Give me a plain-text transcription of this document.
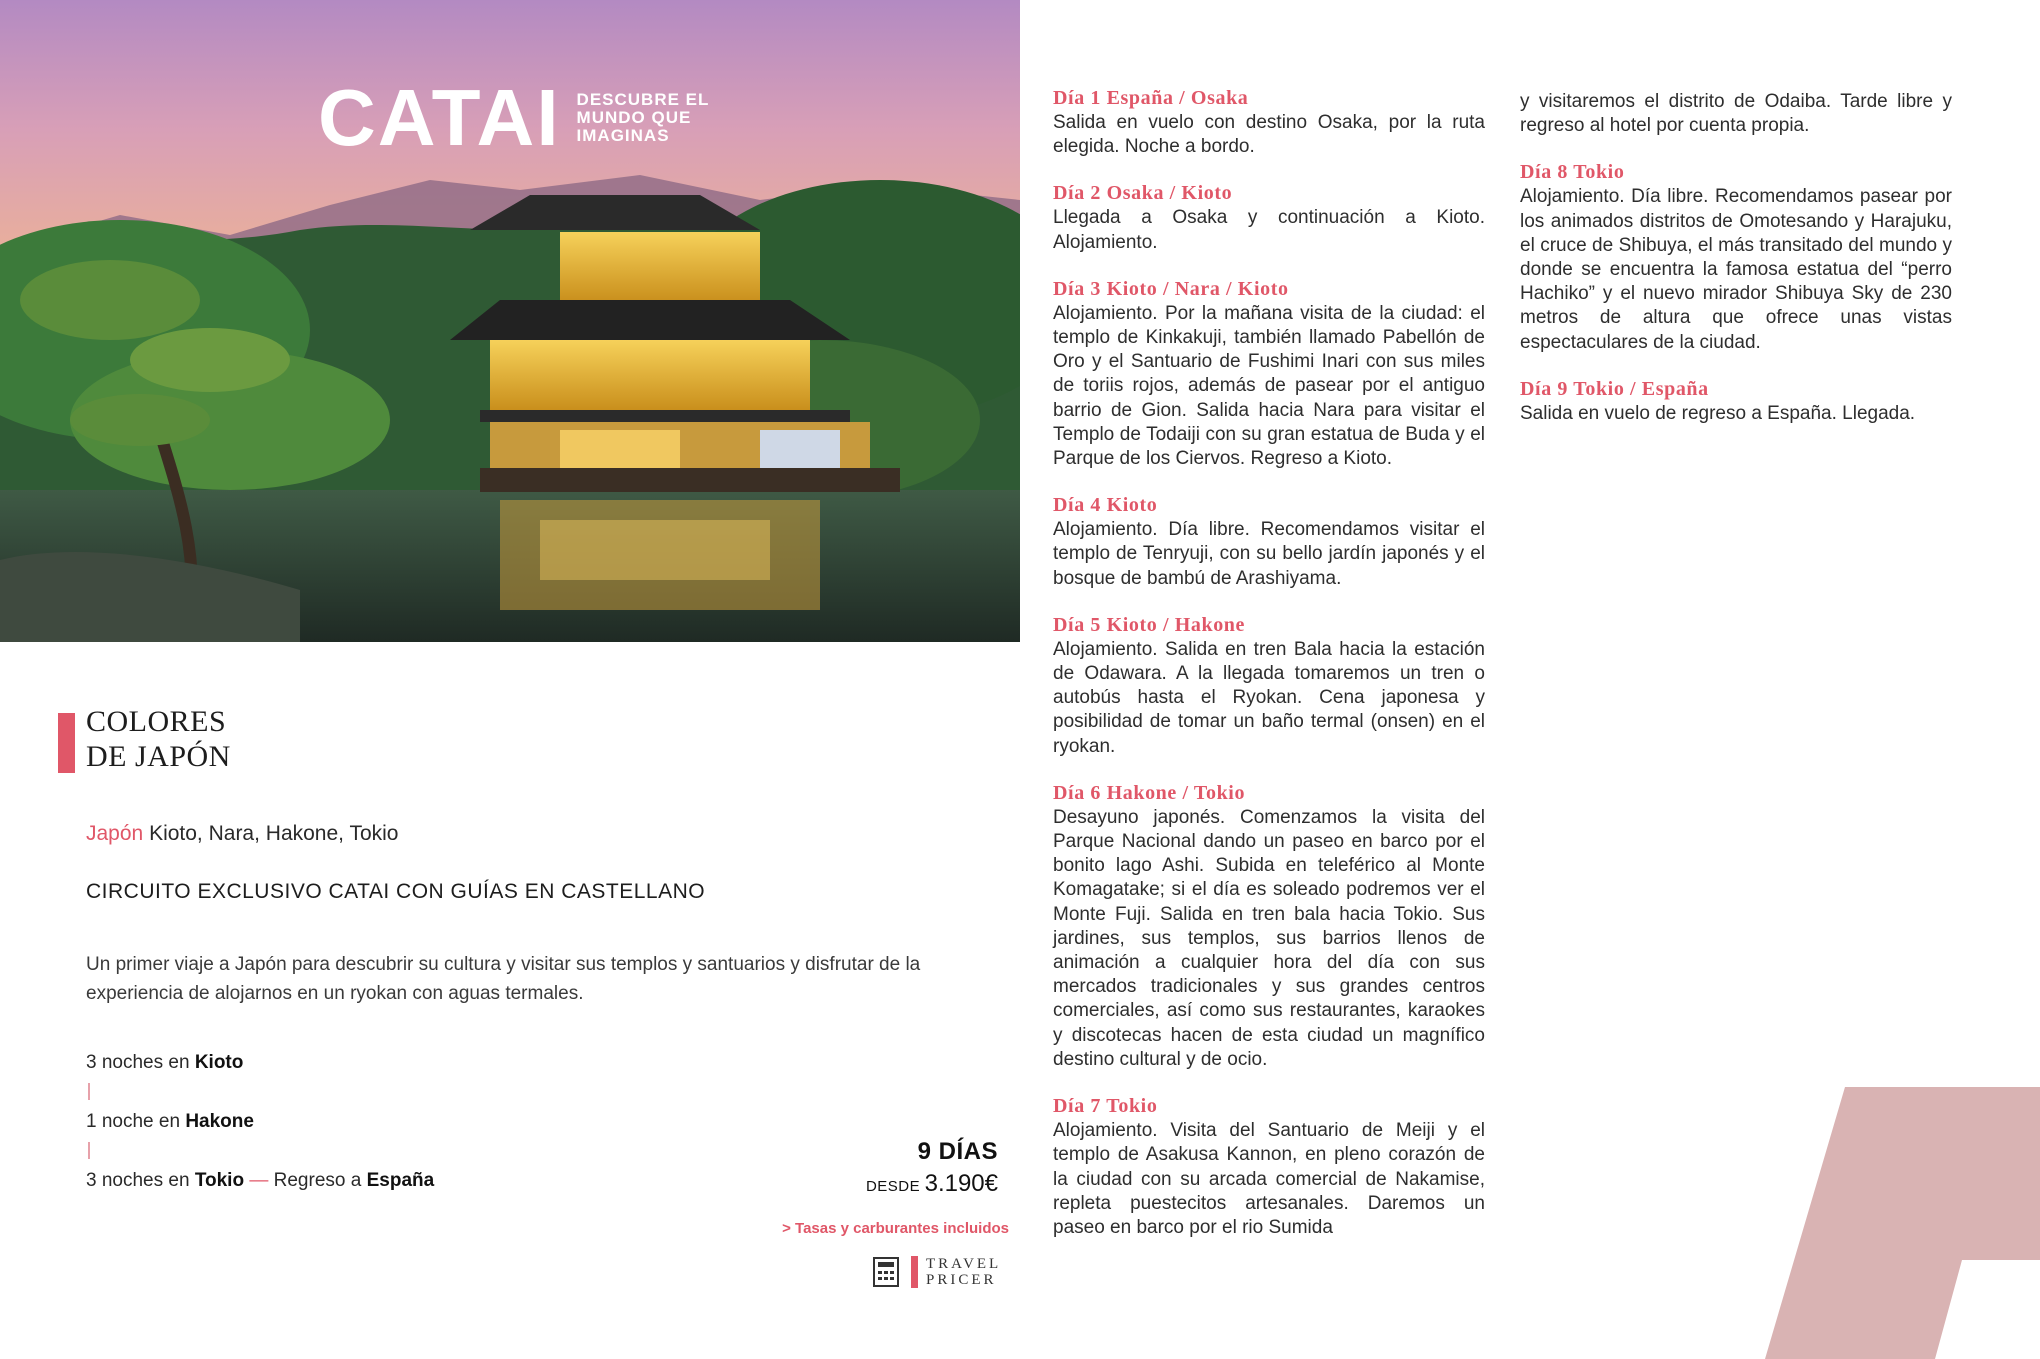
CATAI DESCUBRE EL
MUNDO QUE
IMAGINAS
COLORES
DE JAPÓN
Japón Kioto, Nara, Hakone, Tokio
CIRCUITO EXCLUSIVO CATAI CON GUÍAS EN CASTELLANO
Un primer viaje a Japón para descubrir su cultura y visitar sus templos y santuarios y disfrutar de la experiencia de alojarnos en un ryokan con aguas termales.
3 noches en Kioto
1 noche en Hakone
3 noches en Tokio — Regreso a España
9 DÍAS
DESDE 3.190€
> Tasas y carburantes incluidos
TRAVEL
PRICER
Día 1 España / Osaka
Salida en vuelo con destino Osaka, por la ruta elegida. Noche a bordo.
Día 2 Osaka / Kioto
Llegada a Osaka y continuación a Kioto. Alojamiento.
Día 3 Kioto / Nara / Kioto
Alojamiento. Por la mañana visita de la ciudad: el templo de Kinkakuji, también llamado Pabellón de Oro y el Santuario de Fushimi Inari con sus miles de toriis rojos, además de pasear por el antiguo barrio de Gion. Salida hacia Nara para visitar el Templo de Todaiji con su gran estatua de Buda y el Parque de los Ciervos. Regreso a Kioto.
Día 4 Kioto
Alojamiento. Día libre. Recomendamos visitar el templo de Tenryuji, con su bello jardín japonés y el bosque de bambú de Arashiyama.
Día 5 Kioto / Hakone
Alojamiento. Salida en tren Bala hacia la estación de Odawara. A la llegada tomaremos un tren o autobús hasta el Ryokan. Cena japonesa y posibilidad de tomar un baño termal (onsen) en el ryokan.
Día 6 Hakone / Tokio
Desayuno japonés. Comenzamos la visita del Parque Nacional dando un paseo en barco por el bonito lago Ashi. Subida en teleférico al Monte Komagatake; si el día es soleado podremos ver el Monte Fuji. Salida en tren bala hacia Tokio. Sus jardines, sus templos, sus barrios llenos de animación a cualquier hora del día con sus mercados tradicionales y sus grandes centros comerciales, así como sus restaurantes, karaokes y discotecas hacen de esta ciudad un magnífico destino cultural y de ocio.
Día 7 Tokio
Alojamiento. Visita del Santuario de Meiji y el templo de Asakusa Kannon, en pleno corazón de la ciudad con su arcada comercial de Nakamise, repleta puestecitos artesanales. Daremos un paseo en barco por el rio Sumida
y visitaremos el distrito de Odaiba. Tarde libre y regreso al hotel por cuenta propia.
Día 8 Tokio
Alojamiento. Día libre. Recomendamos pasear por los animados distritos de Omotesando y Harajuku, el cruce de Shibuya, el más transitado del mundo y donde se encuentra la famosa estatua del “perro Hachiko” y el nuevo mirador Shibuya Sky de 230 metros de altura que ofrece unas vistas espectaculares de la ciudad.
Día 9 Tokio / España
Salida en vuelo de regreso a España. Llegada.
